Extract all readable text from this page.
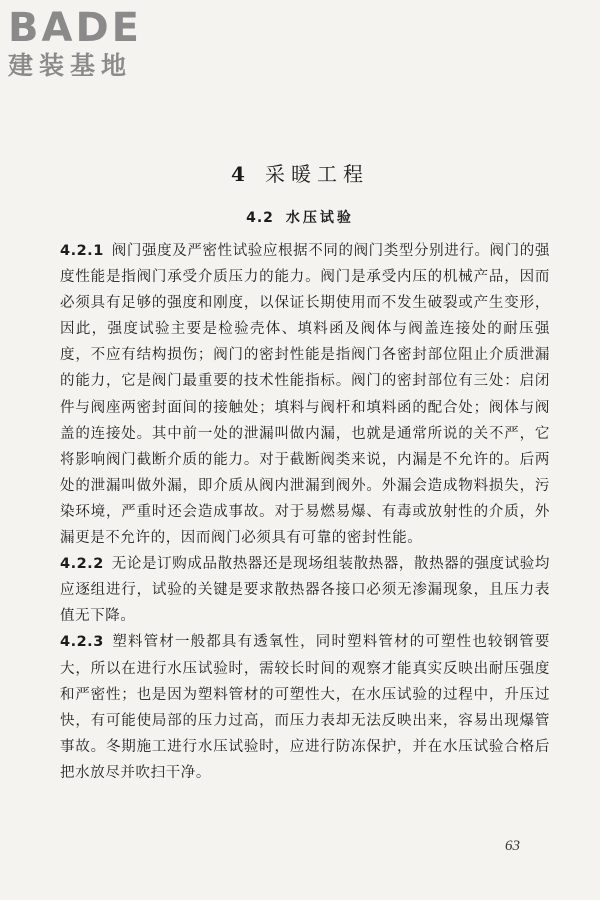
BADE
建装基地
4 采暖工程
4.2 水压试验

4.2.1 阀门强度及严密性试验应根据不同的阀门类型分别进行。阀门的强度性能是指阀门承受介质压力的能力。阀门是承受内压的机械产品，因而必须具有足够的强度和刚度，以保证长期使用而不发生破裂或产生变形，因此，强度试验主要是检验壳体、填料函及阀体与阀盖连接处的耐压强度，不应有结构损伤；阀门的密封性能是指阀门各密封部位阻止介质泄漏的能力，它是阀门最重要的技术性能指标。阀门的密封部位有三处：启闭件与阀座两密封面间的接触处；填料与阀杆和填料函的配合处；阀体与阀盖的连接处。其中前一处的泄漏叫做内漏，也就是通常所说的关不严，它将影响阀门截断介质的能力。对于截断阀类来说，内漏是不允许的。后两处的泄漏叫做外漏，即介质从阀内泄漏到阀外。外漏会造成物料损失，污染环境，严重时还会造成事故。对于易燃易爆、有毒或放射性的介质，外漏更是不允许的，因而阀门必须具有可靠的密封性能。

4.2.2 无论是订购成品散热器还是现场组装散热器，散热器的强度试验均应逐组进行，试验的关键是要求散热器各接口必须无渗漏现象，且压力表值无下降。

4.2.3 塑料管材一般都具有透氧性，同时塑料管材的可塑性也较钢管要大，所以在进行水压试验时，需较长时间的观察才能真实反映出耐压强度和严密性；也是因为塑料管材的可塑性大，在水压试验的过程中，升压过快，有可能使局部的压力过高，而压力表却无法反映出来，容易出现爆管事故。冬期施工进行水压试验时，应进行防冻保护，并在水压试验合格后把水放尽并吹扫干净。

63
